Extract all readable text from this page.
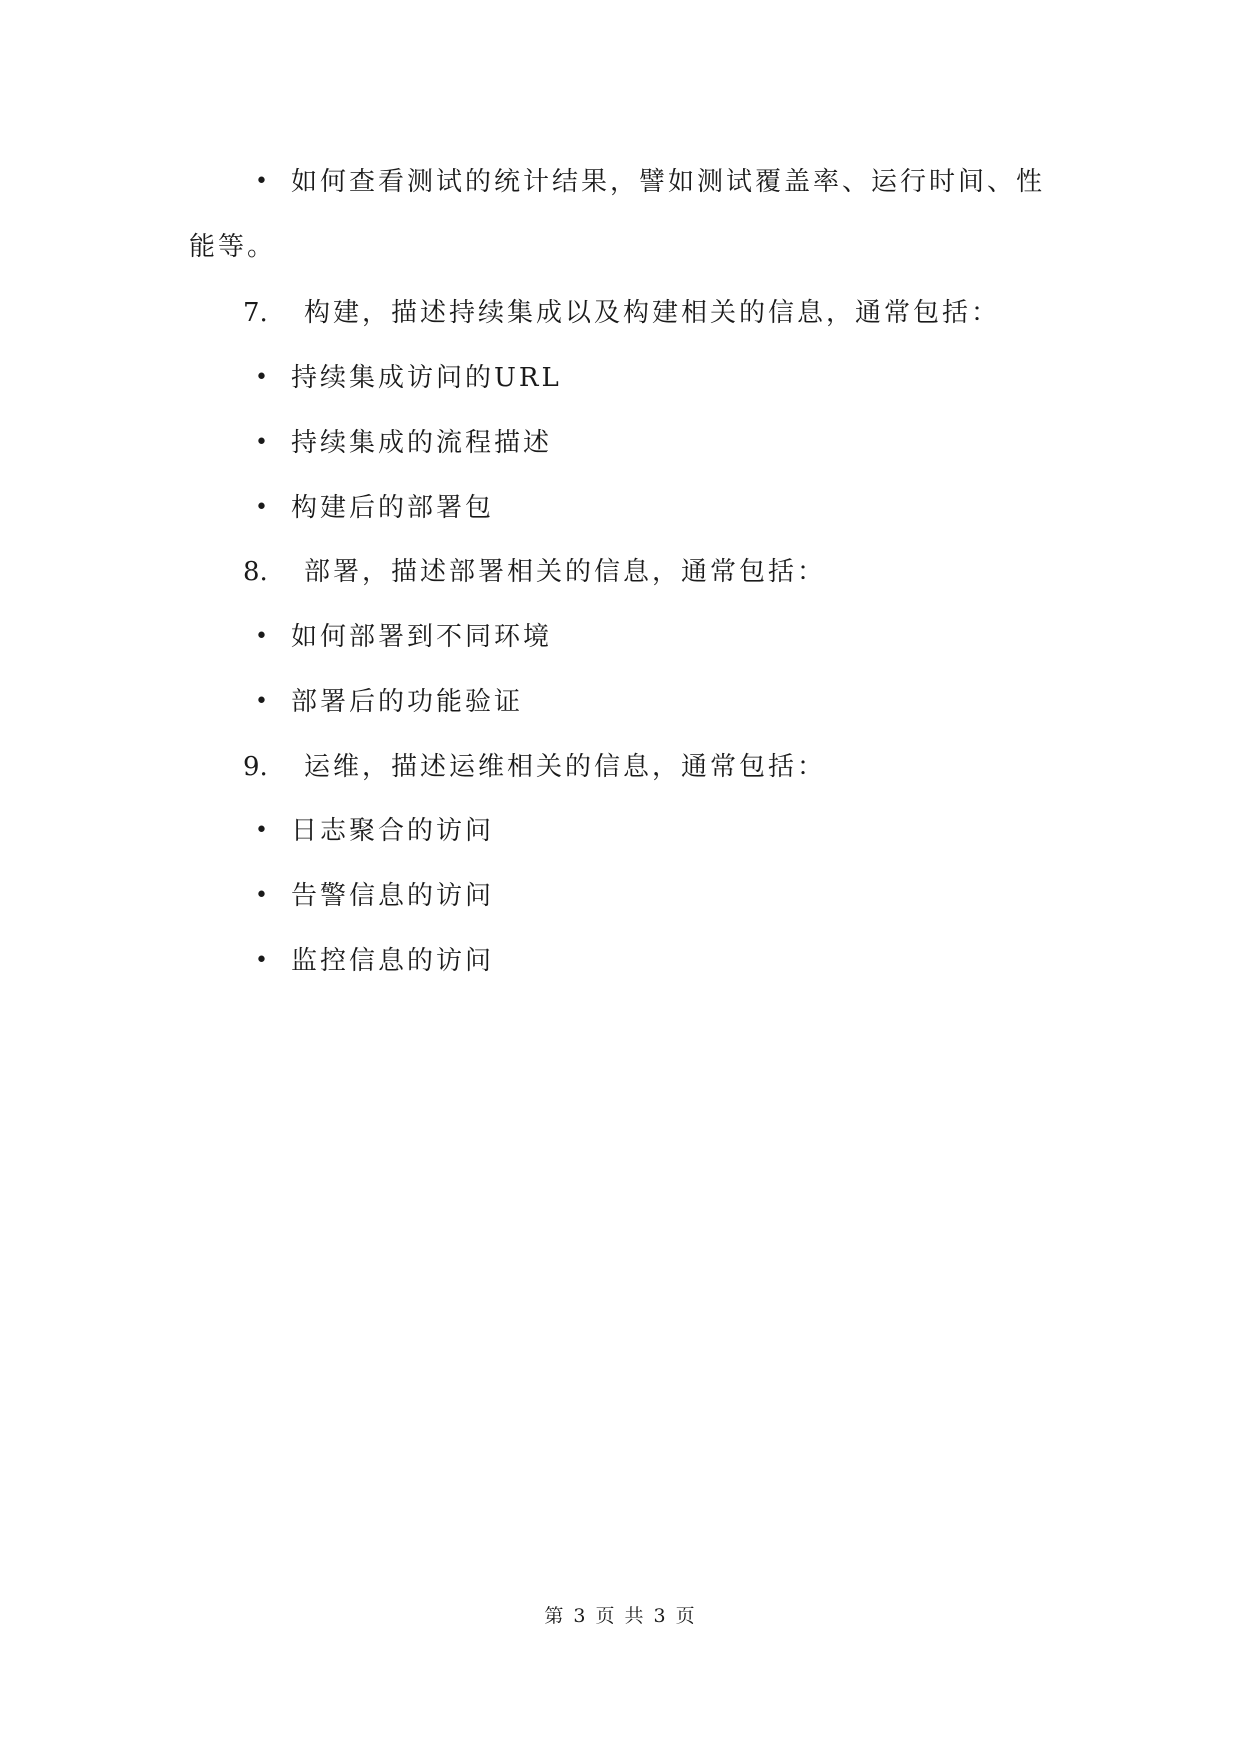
• 如何查看测试的统计结果，譬如测试覆盖率、运行时间、性
能等。
7. 构建，描述持续集成以及构建相关的信息，通常包括：
• 持续集成访问的URL
• 持续集成的流程描述
• 构建后的部署包
8. 部署，描述部署相关的信息，通常包括：
• 如何部署到不同环境
• 部署后的功能验证
9. 运维，描述运维相关的信息，通常包括：
• 日志聚合的访问
• 告警信息的访问
• 监控信息的访问
第 3 页 共 3 页
